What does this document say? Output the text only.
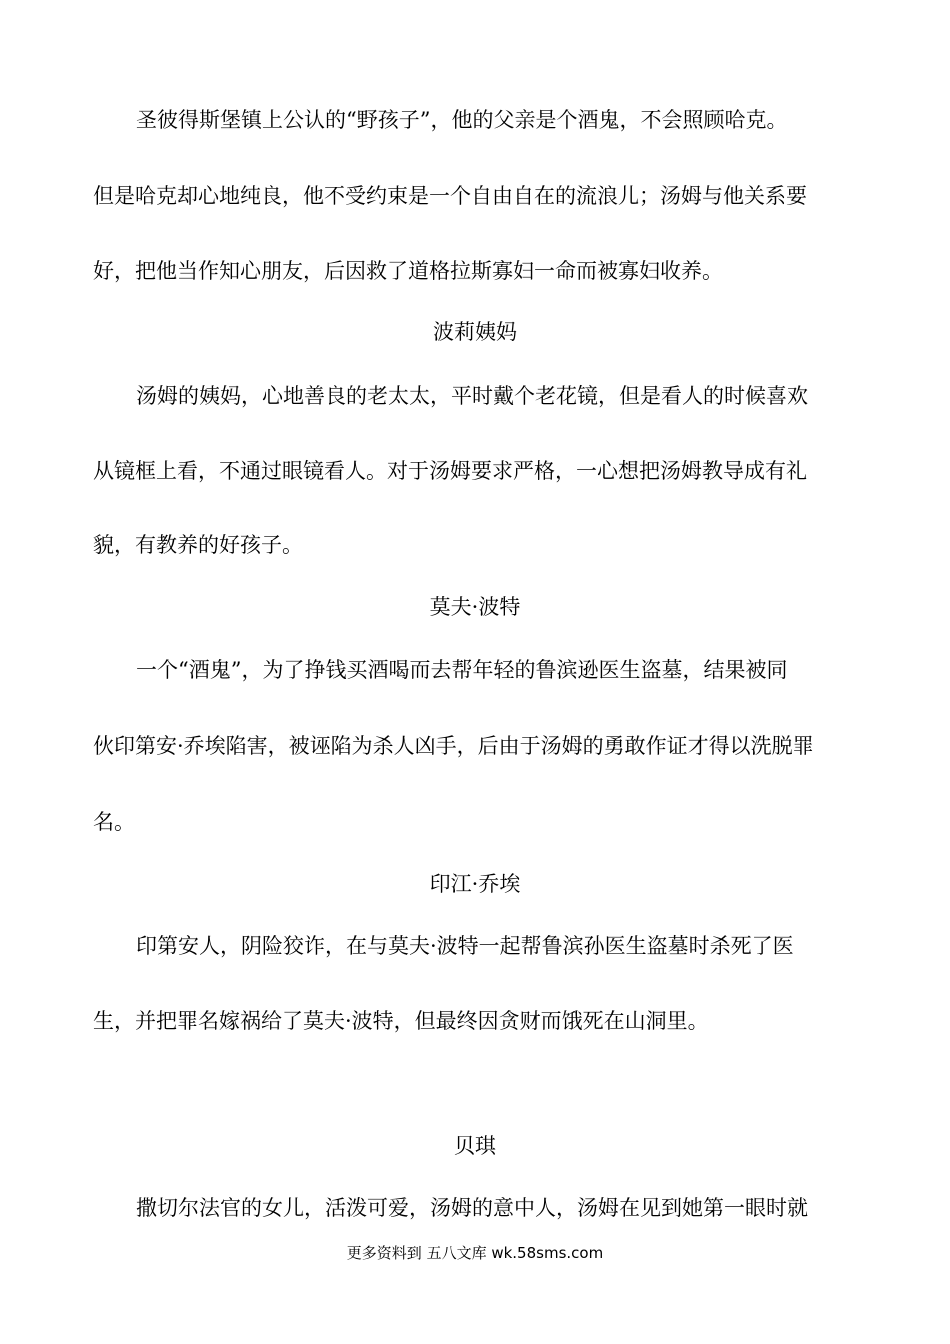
圣彼得斯堡镇上公认的“野孩子”，他的父亲是个酒鬼，不会照顾哈克。
但是哈克却心地纯良，他不受约束是一个自由自在的流浪儿；汤姆与他关系要
好，把他当作知心朋友，后因救了道格拉斯寡妇一命而被寡妇收养。
波莉姨妈
汤姆的姨妈，心地善良的老太太，平时戴个老花镜，但是看人的时候喜欢
从镜框上看，不通过眼镜看人。对于汤姆要求严格，一心想把汤姆教导成有礼
貌，有教养的好孩子。
莫夫·波特
一个“酒鬼”，为了挣钱买酒喝而去帮年轻的鲁滨逊医生盗墓，结果被同
伙印第安·乔埃陷害，被诬陷为杀人凶手，后由于汤姆的勇敢作证才得以洗脱罪
名。
印江·乔埃
印第安人，阴险狡诈，在与莫夫·波特一起帮鲁滨孙医生盗墓时杀死了医
生，并把罪名嫁祸给了莫夫·波特，但最终因贪财而饿死在山洞里。
贝琪
撒切尔法官的女儿，活泼可爱，汤姆的意中人，汤姆在见到她第一眼时就
更多资料到 五八文库 wk.58sms.com
